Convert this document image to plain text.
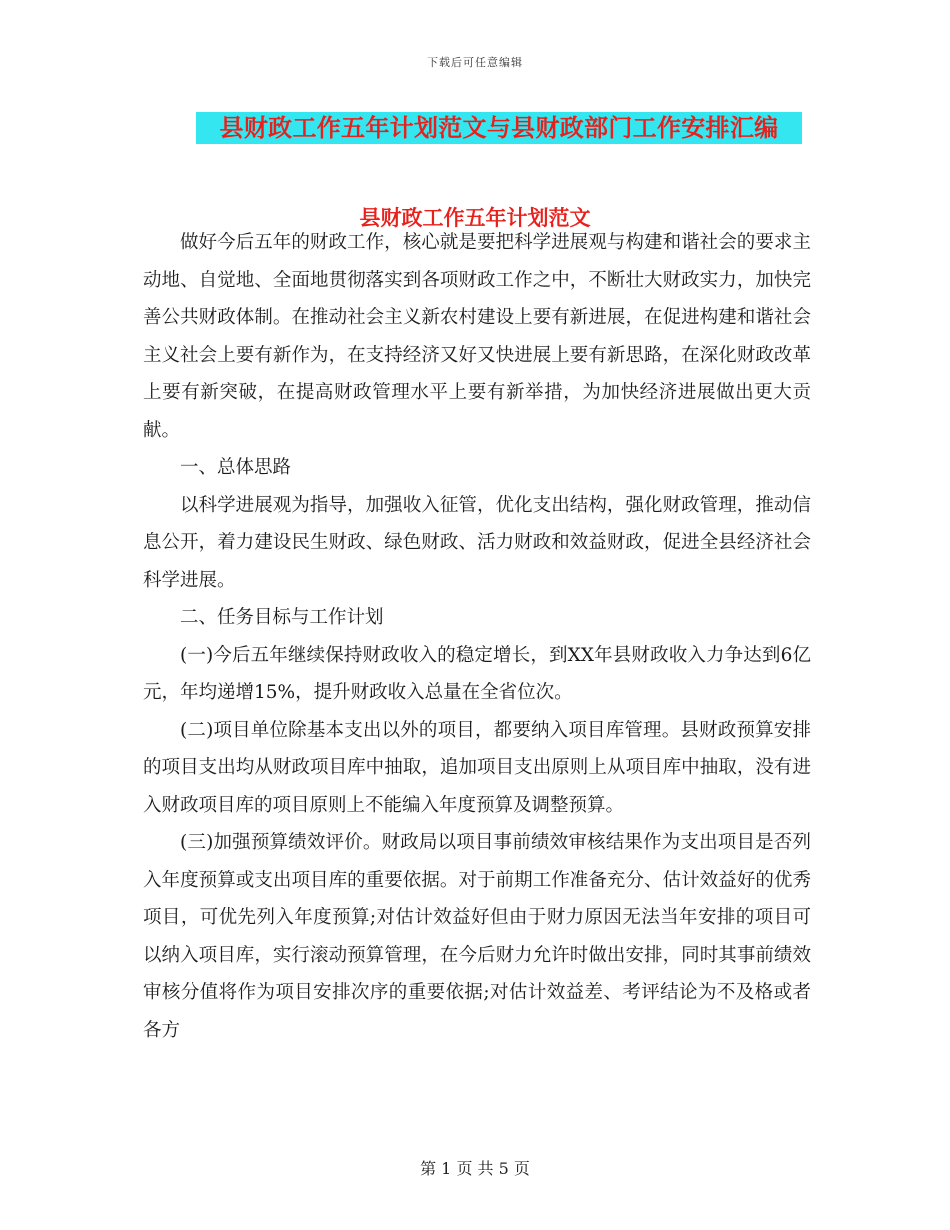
下载后可任意编辑
县财政工作五年计划范文与县财政部门工作安排汇编
县财政工作五年计划范文

做好今后五年的财政工作，核心就是要把科学进展观与构建和谐社会的要求主动地、自觉地、全面地贯彻落实到各项财政工作之中，不断壮大财政实力，加快完善公共财政体制。在推动社会主义新农村建设上要有新进展，在促进构建和谐社会主义社会上要有新作为，在支持经济又好又快进展上要有新思路，在深化财政改革上要有新突破，在提高财政管理水平上要有新举措，为加快经济进展做出更大贡献。

一、总体思路

以科学进展观为指导，加强收入征管，优化支出结构，强化财政管理，推动信息公开，着力建设民生财政、绿色财政、活力财政和效益财政，促进全县经济社会科学进展。

二、任务目标与工作计划

(一)今后五年继续保持财政收入的稳定增长，到XX年县财政收入力争达到6亿元，年均递增15%，提升财政收入总量在全省位次。

(二)项目单位除基本支出以外的项目，都要纳入项目库管理。县财政预算安排的项目支出均从财政项目库中抽取，追加项目支出原则上从项目库中抽取，没有进入财政项目库的项目原则上不能编入年度预算及调整预算。

(三)加强预算绩效评价。财政局以项目事前绩效审核结果作为支出项目是否列入年度预算或支出项目库的重要依据。对于前期工作准备充分、估计效益好的优秀项目，可优先列入年度预算;对估计效益好但由于财力原因无法当年安排的项目可以纳入项目库，实行滚动预算管理，在今后财力允许时做出安排，同时其事前绩效审核分值将作为项目安排次序的重要依据;对估计效益差、考评结论为不及格或者各方

第 1 页 共 5 页
